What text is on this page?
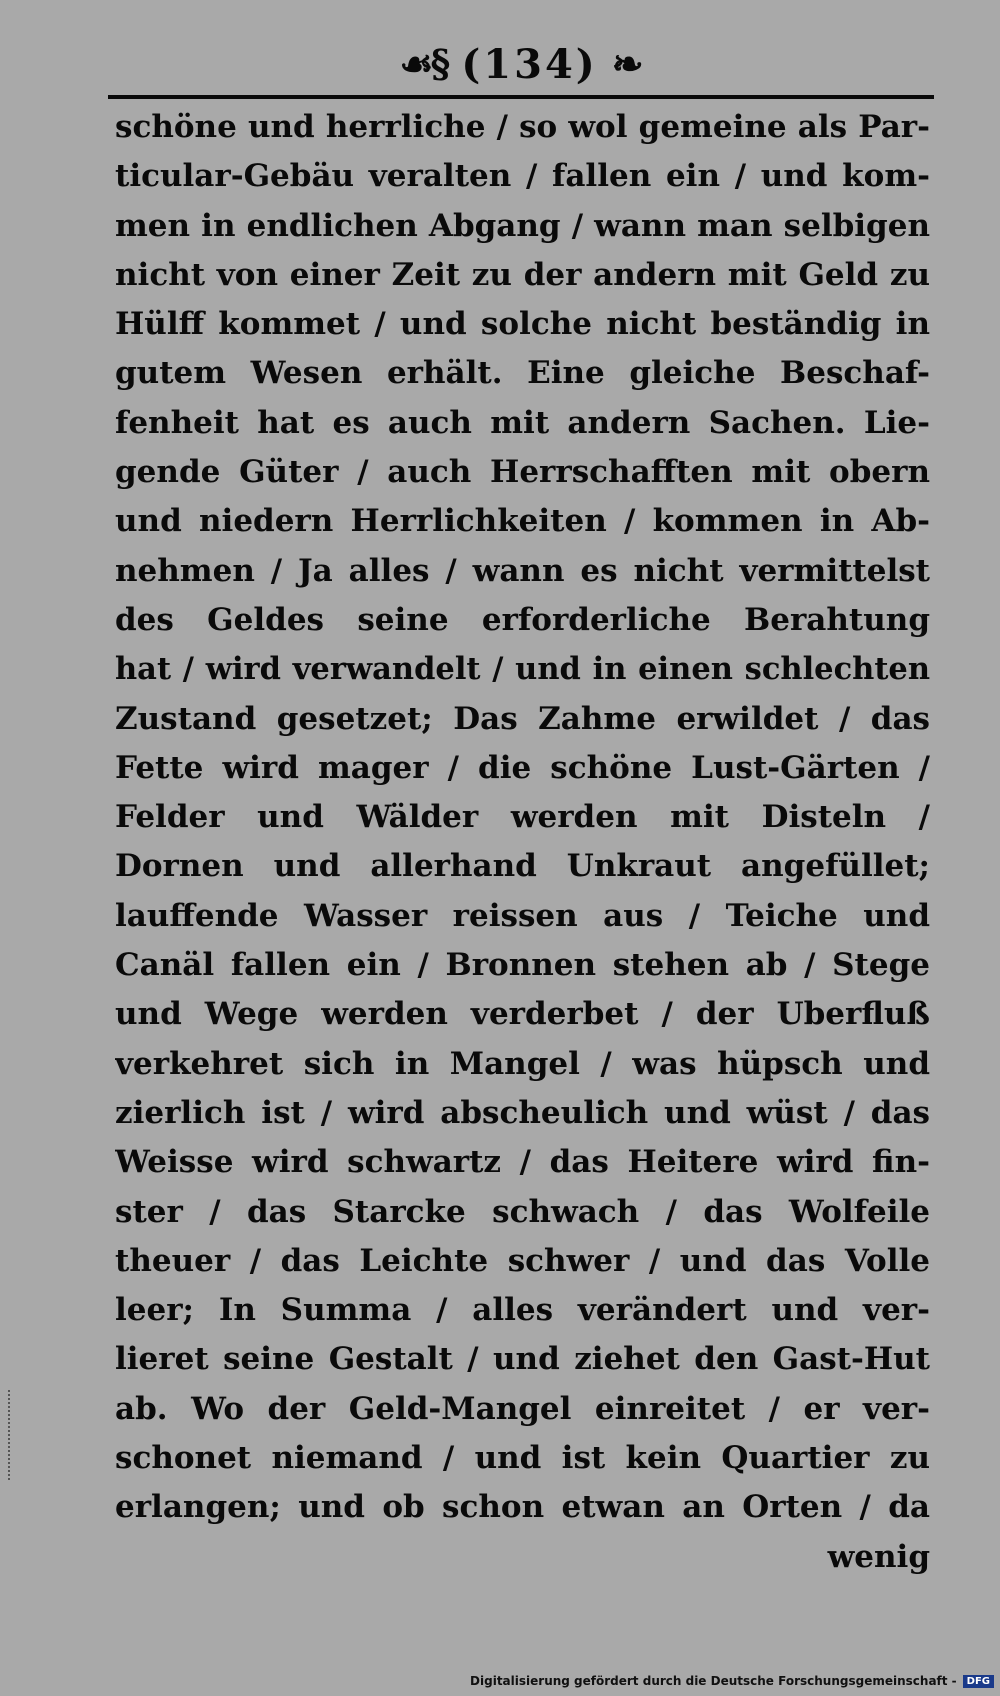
☙§ (134) ❧
schöne und herrliche / so wol gemeine als Par-
ticular-Gebäu veralten / fallen ein / und kom-
men in endlichen Abgang / wann man selbigen
nicht von einer Zeit zu der andern mit Geld zu
Hülff kommet / und solche nicht beständig in
gutem Wesen erhält. Eine gleiche Beschaf-
fenheit hat es auch mit andern Sachen. Lie-
gende Güter / auch Herrschafften mit obern
und niedern Herrlichkeiten / kommen in Ab-
nehmen / Ja alles / wann es nicht vermittelst
des Geldes seine erforderliche Berahtung
hat / wird verwandelt / und in einen schlechten
Zustand gesetzet; Das Zahme erwildet / das
Fette wird mager / die schöne Lust-Gärten /
Felder und Wälder werden mit Disteln /
Dornen und allerhand Unkraut angefüllet;
lauffende Wasser reissen aus / Teiche und
Canäl fallen ein / Bronnen stehen ab / Stege
und Wege werden verderbet / der Uberfluß
verkehret sich in Mangel / was hüpsch und
zierlich ist / wird abscheulich und wüst / das
Weisse wird schwartz / das Heitere wird fin-
ster / das Starcke schwach / das Wolfeile
theuer / das Leichte schwer / und das Volle
leer; In Summa / alles verändert und ver-
lieret seine Gestalt / und ziehet den Gast-Hut
ab. Wo der Geld-Mangel einreitet / er ver-
schonet niemand / und ist kein Quartier zu
erlangen; und ob schon etwan an Orten / da
wenig
Digitalisierung gefördert durch die Deutsche Forschungsgemeinschaft -	DFG
